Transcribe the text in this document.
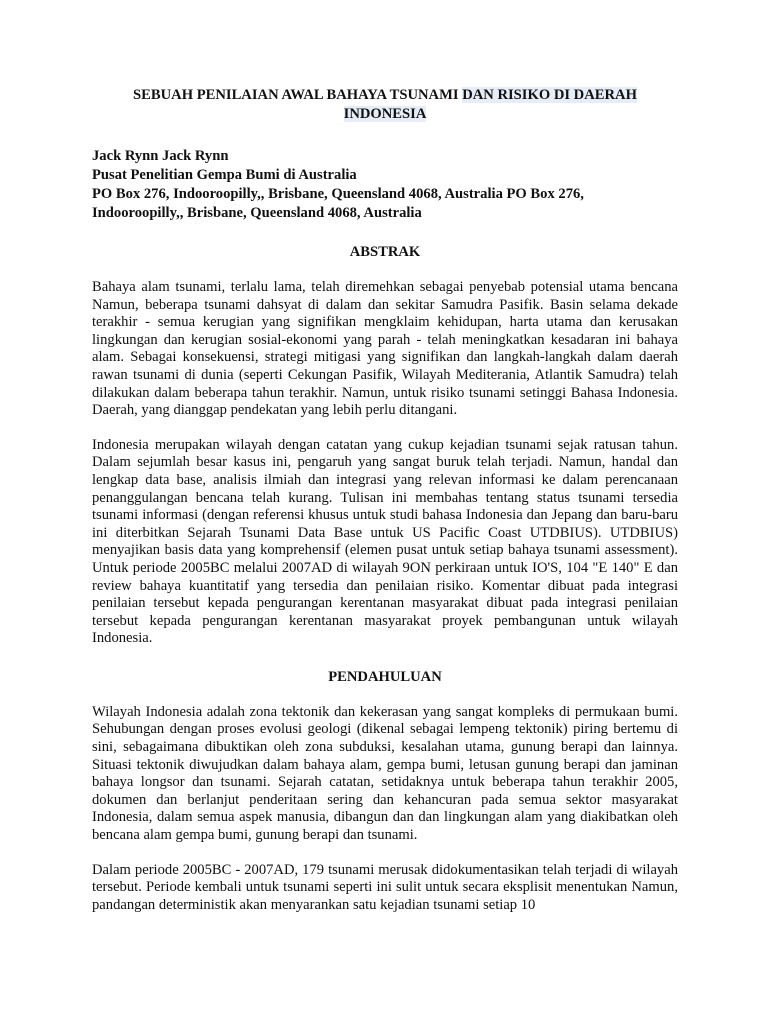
SEBUAH PENILAIAN AWAL BAHAYA TSUNAMI DAN RISIKO DI DAERAH INDONESIA
Jack Rynn Jack Rynn
Pusat Penelitian Gempa Bumi di Australia
PO Box 276, Indooroopilly,, Brisbane, Queensland 4068, Australia PO Box 276, Indooroopilly,, Brisbane, Queensland 4068, Australia
ABSTRAK

Bahaya alam tsunami, terlalu lama, telah diremehkan sebagai penyebab potensial utama bencana Namun, beberapa tsunami dahsyat di dalam dan sekitar Samudra Pasifik. Basin selama dekade terakhir - semua kerugian yang signifikan mengklaim kehidupan, harta utama dan kerusakan lingkungan dan kerugian sosial-ekonomi yang parah - telah meningkatkan kesadaran ini bahaya alam. Sebagai konsekuensi, strategi mitigasi yang signifikan dan langkah-langkah dalam daerah rawan tsunami di dunia (seperti Cekungan Pasifik, Wilayah Mediterania, Atlantik Samudra) telah dilakukan dalam beberapa tahun terakhir. Namun, untuk risiko tsunami setinggi Bahasa Indonesia. Daerah, yang dianggap pendekatan yang lebih perlu ditangani.

Indonesia merupakan wilayah dengan catatan yang cukup kejadian tsunami sejak ratusan tahun. Dalam sejumlah besar kasus ini, pengaruh yang sangat buruk telah terjadi. Namun, handal dan lengkap data base, analisis ilmiah dan integrasi yang relevan informasi ke dalam perencanaan penanggulangan bencana telah kurang. Tulisan ini membahas tentang status tsunami tersedia tsunami informasi (dengan referensi khusus untuk studi bahasa Indonesia dan Jepang dan baru-baru ini diterbitkan Sejarah Tsunami Data Base untuk US Pacific Coast UTDBIUS). UTDBIUS) menyajikan basis data yang komprehensif (elemen pusat untuk setiap bahaya tsunami assessment). Untuk periode 2005BC melalui 2007AD di wilayah 9ON perkiraan untuk IO'S, 104 "E 140" E dan review bahaya kuantitatif yang tersedia dan penilaian risiko. Komentar dibuat pada integrasi penilaian tersebut kepada pengurangan kerentanan masyarakat dibuat pada integrasi penilaian tersebut kepada pengurangan kerentanan masyarakat proyek pembangunan untuk wilayah Indonesia.

PENDAHULUAN

Wilayah Indonesia adalah zona tektonik dan kekerasan yang sangat kompleks di permukaan bumi. Sehubungan dengan proses evolusi geologi (dikenal sebagai lempeng tektonik) piring bertemu di sini, sebagaimana dibuktikan oleh zona subduksi, kesalahan utama, gunung berapi dan lainnya. Situasi tektonik diwujudkan dalam bahaya alam, gempa bumi, letusan gunung berapi dan jaminan bahaya longsor dan tsunami. Sejarah catatan, setidaknya untuk beberapa tahun terakhir 2005, dokumen dan berlanjut penderitaan sering dan kehancuran pada semua sektor masyarakat Indonesia, dalam semua aspek manusia, dibangun dan dan lingkungan alam yang diakibatkan oleh bencana alam gempa bumi, gunung berapi dan tsunami.

Dalam periode 2005BC - 2007AD, 179 tsunami merusak didokumentasikan telah terjadi di wilayah tersebut. Periode kembali untuk tsunami seperti ini sulit untuk secara eksplisit menentukan Namun, pandangan deterministik akan menyarankan satu kejadian tsunami setiap 10
